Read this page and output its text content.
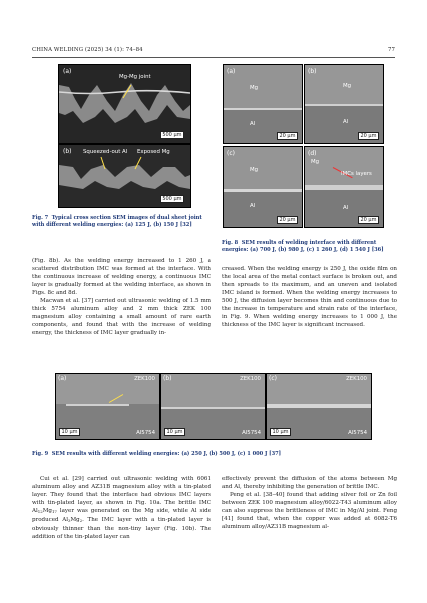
CHINA WELDING (2025) 34 (1): 74–84	77
(a)
Mg-Mg joint
500 μm
(b) Squeezed-out Al Exposed Mg
500 μm
Fig. 7 Typical cross section SEM images of dual sheet joint with different welding energies: (a) 125 J, (b) 150 J [32]
(a)
Mg
Al
20 μm
(b)
Mg
Al
20 μm
(c)
Mg
Al
20 μm
(d)
Mg
IMCs layers
Al
20 μm
Fig. 8 SEM results of welding interface with different energies: (a) 700 J, (b) 980 J, (c) 1 260 J, (d) 1 540 J [36]

(Fig. 8b). As the welding energy increased to 1 260 J, a scattered distribution IMC was formed at the interface. With the continuous increase of welding energy, a continuous IMC layer is gradually formed at the welding interface, as shown in Figs. 8c and 8d.

Macwan et al. [37] carried out ultrasonic welding of 1.5 mm thick 5754 aluminum alloy and 2 mm thick ZEK 100 magnesium alloy containing a small amount of rare earth components, and found that with the increase of welding energy, the thickness of IMC layer gradually in-

creased. When the welding energy is 250 J, the oxide film on the local area of the metal contact surface is broken out, and then spreads to its maximum, and an uneven and isolated IMC island is formed. When the welding energy increases to 500 J, the diffusion layer becomes thin and continuous due to the increase in temperature and strain rate of the interface, in Fig. 9. When welding energy increases to 1 000 J, the thickness of the IMC layer is significant increased.

(a)	ZEK100
10 μm	Al5754
(b)	ZEK100
10 μm	Al5754
(c)	ZEK100
10 μm	Al5754
Fig. 9 SEM results with different welding energies: (a) 250 J, (b) 500 J, (c) 1 000 J [37]

Cui et al. [29] carried out ultrasonic welding with 6061 aluminum alloy and AZ31B magnesium alloy with a tin-plated layer. They found that the interface had obvious IMC layers with tin-plated layer, as shown in Fig. 10a. The brittle IMC $Al_{12}Mg_{17}$ layer was generated on the Mg side, while Al side produced $Al_3Mg_2$. The IMC layer with a tin-plated layer is obviously thinner than the non-tiny layer (Fig. 10b). The addition of the tin-plated layer can

effectively prevent the diffusion of the atoms between Mg and Al, thereby inhibiting the generation of brittle IMC.

Peng et al. [38–40] found that adding silver foil or Zn foil between ZEK 100 magnesium alloy/6022-T43 aluminum alloy can also suppress the brittleness of IMC in Mg/Al joint. Feng [41] found that, when the copper was added at 6082-T6 aluminum alloy/AZ31B magnesium al-
